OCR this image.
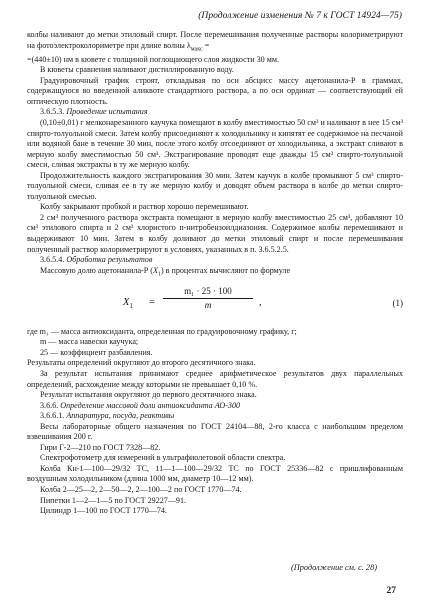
(Продолжение изменения № 7 к ГОСТ 14924—75)

колбы наливают до метки этиловый спирт. После перемешивания полученные растворы колориметрируют на фотоэлектроколориметре при длине волны $\lambda_{макс}$ =

=(440±10) нм в кювете с толщиной поглощающего слоя жидкости 30 мм.

В кюветы сравнения наливают дистиллированную воду.

Градуировочный график строят, откладывая по оси абсцисс массу ацетонанила-Р в граммах, содержащуюся во введенной аликвоте стандартного раствора, а по оси ординат — соответствующий ей оптическую плотность.

3.6.5.3. Проведение испытания

(0,10±0,01) г мелконарезанного каучука помещают в колбу вместимостью 50 см³ и наливают в нее 15 см³ спирто-толуольной смеси. Затем колбу присоединяют к холодильнику и кипятят ее содержимое на песчаной или водяной бане в течение 30 мин, после этого колбу отсоединяют от холодильника, а экстракт сливают в мерную колбу вместимостью 50 см³. Экстрагирование проводят еще дважды 15 см³ спирто-толуольной смеси, сливая экстракты в ту же мерную колбу.

Продолжительность каждого экстрагирования 30 мин. Затем каучук в колбе промывают 5 см³ спирто-толуольной смеси, сливая ее в ту же мерную колбу и доводят объем раствора в колбе до метки спирто-толуольной смесью.

Колбу закрывают пробкой и раствор хорошо перемешивают.

2 см³ полученного раствора экстракта помещают в мерную колбу вместимостью 25 см³, добавляют 10 см³ этилового спирта и 2 см³ хлористого п-нитробензоилдиазония. Содержимое колбы перемешивают и выдерживают 10 мин. Затем в колбу доливают до метки этиловый спирт и после перемешивания полученный раствор колориметрируют в условиях, указанных в п. 3.6.5.2.5.

3.6.5.4. Обработка результатов

Массовую долю ацетонанила-Р $(X_1)$ в процентах вычисляют по формуле

$X_1$ =
m₁ · 25 · 100
m	,	(1)

где m₁ — масса антиоксиданта, определенная по градуировочному графику, г;

m — масса навески каучука;

25 — коэффициент разбавления.

Результаты определений округляют до второго десятичного знака.

За результат испытания принимают среднее арифметическое результатов двух параллельных определений, расхождение между которыми не превышает 0,10 %.

Результат испытания округляют до первого десятичного знака.

3.6.6. Определение массовой доли антиоксиданта АО-300

3.6.6.1. Аппаратура, посуда, реактивы

Весы лабораторные общего назначения по ГОСТ 24104—88, 2-го класса с наибольшим пределом взвешивания 200 г.

Гири Г-2—210 по ГОСТ 7328—82.

Спектрофотометр для измерений в ультрафиолетовой области спектра.

Колба Кн-1—100—29/32 ТС, 11—1—100—29/32 ТС по ГОСТ 25336—82 с пришлифованным воздушным холодильником (длина 1000 мм, диаметр 10—12 мм).

Колба 2—25—2, 2—50—2, 2—100—2 по ГОСТ 1770—74.

Пипетки 1—2—1—5 по ГОСТ 29227—91.

Цилиндр 1—100 по ГОСТ 1770—74.

(Продолжение см. с. 28)
27
